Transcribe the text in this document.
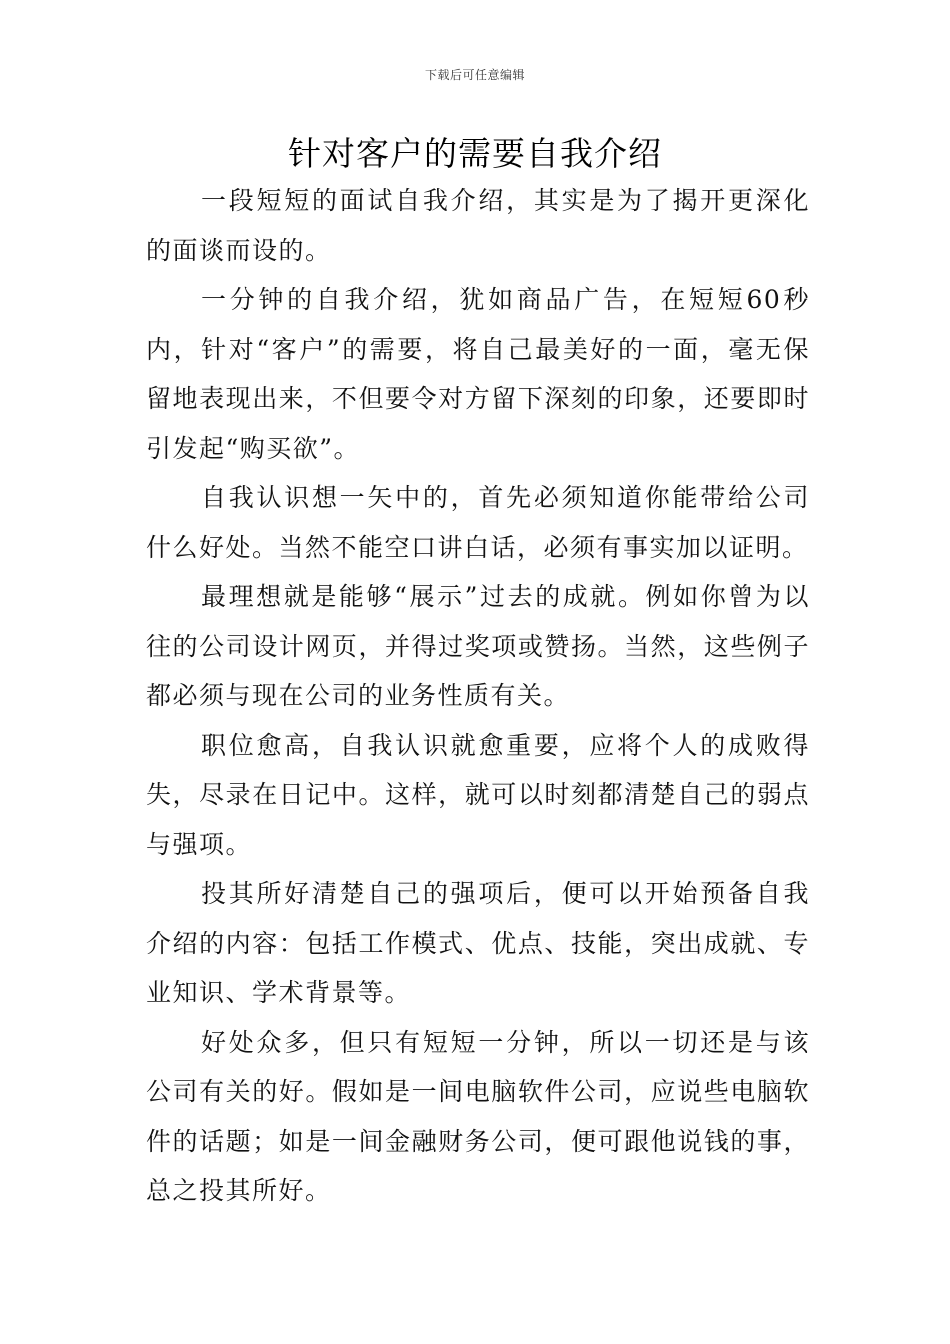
下载后可任意编辑
针对客户的需要自我介绍

一段短短的面试自我介绍，其实是为了揭开更深化的面谈而设的。

一分钟的自我介绍，犹如商品广告，在短短60秒内，针对“客户”的需要，将自己最美好的一面，毫无保留地表现出来，不但要令对方留下深刻的印象，还要即时引发起“购买欲”。

自我认识想一矢中的，首先必须知道你能带给公司什么好处。当然不能空口讲白话，必须有事实加以证明。

最理想就是能够“展示”过去的成就。例如你曾为以往的公司设计网页，并得过奖项或赞扬。当然，这些例子都必须与现在公司的业务性质有关。

职位愈高，自我认识就愈重要，应将个人的成败得失，尽录在日记中。这样，就可以时刻都清楚自己的弱点与强项。

投其所好清楚自己的强项后，便可以开始预备自我介绍的内容：包括工作模式、优点、技能，突出成就、专业知识、学术背景等。

好处众多，但只有短短一分钟，所以一切还是与该公司有关的好。假如是一间电脑软件公司，应说些电脑软件的话题；如是一间金融财务公司，便可跟他说钱的事，总之投其所好。
